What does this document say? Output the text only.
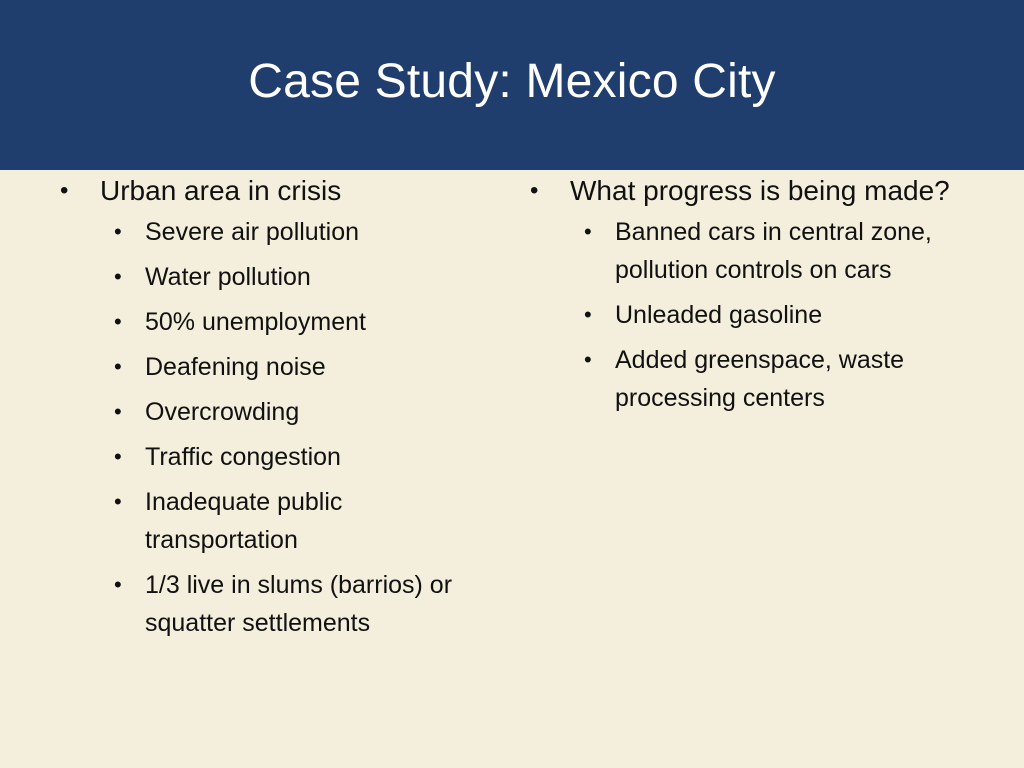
Case Study: Mexico City
• Urban area in crisis
• Severe air pollution
• Water pollution
• 50% unemployment
• Deafening noise
• Overcrowding
• Traffic congestion
• Inadequate public transportation
• 1/3 live in slums (barrios) or squatter settlements
• What progress is being made?
• Banned cars in central zone, pollution controls on cars
• Unleaded gasoline
• Added greenspace, waste processing centers
